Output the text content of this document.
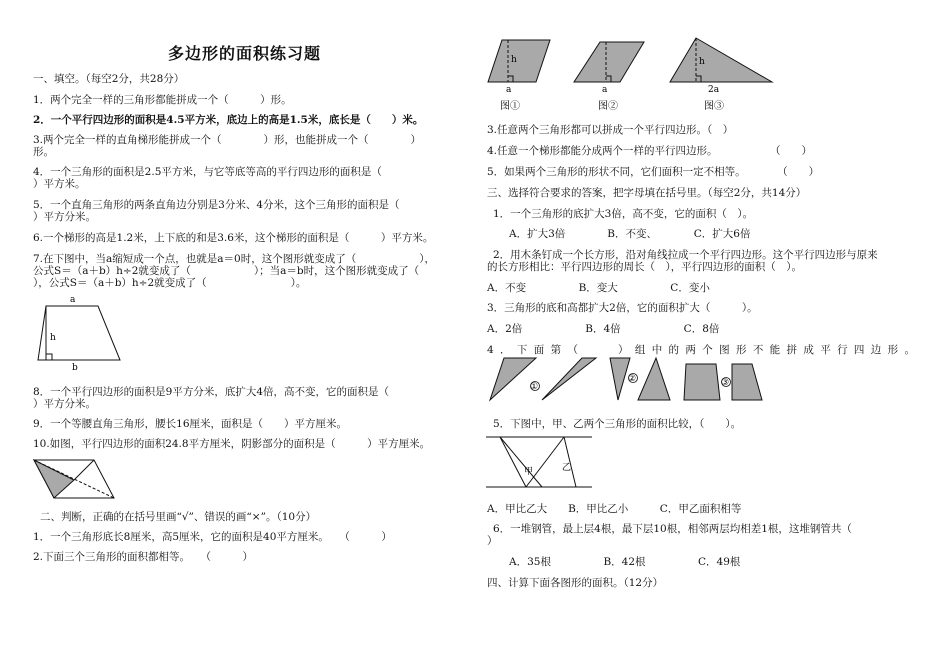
多边形的面积练习题
一、填空。（每空2分，共28分）
1．两个完全一样的三角形都能拼成一个（　　　）形。
2．一个平行四边形的面积是4.5平方米，底边上的高是1.5米，底长是（　　）米。
3.两个完全一样的直角梯形能拼成一个（　　　　）形，也能拼成一个（　　　　）
形。
4．一个三角形的面积是2.5平方米，与它等底等高的平行四边形的面积是（
）平方米。
5．一个直角三角形的两条直角边分别是3分米、4分米，这个三角形的面积是（
）平方分米。
6.一个梯形的高是1.2米，上下底的和是3.6米，这个梯形的面积是（　　　）平方米。
7.在下图中，当a缩短成一个点，也就是a＝0时，这个图形就变成了（　　　　　　），
公式S＝（a＋b）h÷2就变成了（　　　　　　）；当a＝b时，这个图形就变成了（
），公式S＝（a＋b）h÷2就变成了（　　　　　　　　）。
a
h
b
8．一个平行四边形的面积是9平方分米，底扩大4倍，高不变，它的面积是（
）平方分米。
9．一个等腰直角三角形，腰长16厘米，面积是（　　）平方厘米。
10.如图，平行四边形的面积24.8平方厘米，阴影部分的面积是（　　　）平方厘米。
二、判断，正确的在括号里画“√”、错误的画“×”。（10分）
1．一个三角形底长8厘米，高5厘米，它的面积是40平方厘米。　　（　　　）
2.下面三个三角形的面积都相等。　　（　　　）
h
a
图①
a
图②
h
2a
图③
3.任意两个三角形都可以拼成一个平行四边形。（　）
4.任意一个梯形都能分成两个一样的平行四边形。　　　　　　（　　）
5．如果两个三角形的形状不同，它们面积一定不相等。　　　　（　　）
三、选择符合要求的答案，把字母填在括号里。（每空2分，共14分）
1．一个三角形的底扩大3倍，高不变，它的面积（　）。
A．扩大3倍　　　　B．不变、　　　　C．扩大6倍
2．用木条钉成一个长方形，沿对角线拉成一个平行四边形。这个平行四边形与原来
的长方形相比：平行四边形的周长（　），平行四边形的面积（　）。
A．不变　　　　　B．变大　　　　　C．变小
3．三角形的底和高都扩大2倍，它的面积扩大（　　　）。
A．2倍　　　　　　B．4倍　　　　　　C．8倍
4．下面第（　　）组中的两个图形不能拼成平行四边形。
①
②	③
5．下图中，甲、乙两个三角形的面积比较，（　　）。
甲	乙
A．甲比乙大　　B．甲比乙小　　　C．甲乙面积相等
6．一堆钢管，最上层4根，最下层10根，相邻两层均相差1根，这堆钢管共（
）
A．35根　　　　　B．42根　　　　　C．49根
四、计算下面各图形的面积。（12分）
